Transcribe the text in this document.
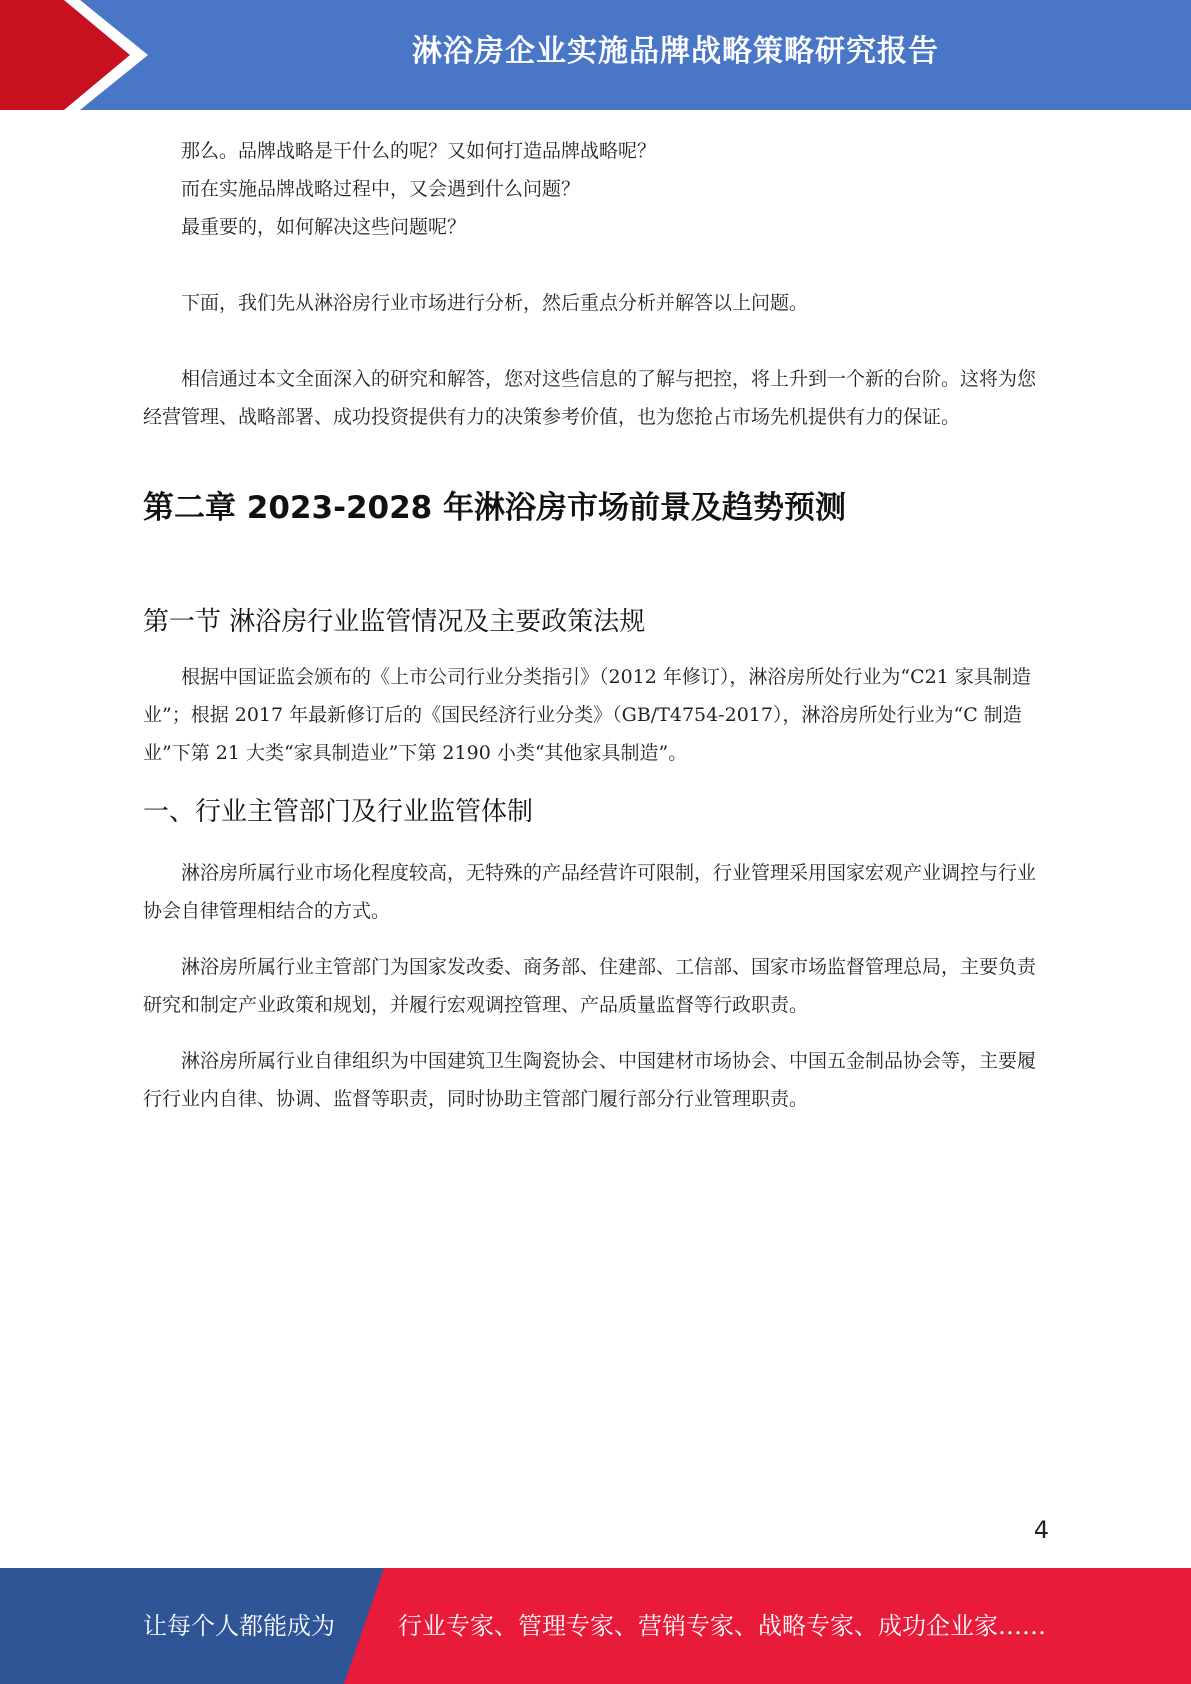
淋浴房企业实施品牌战略策略研究报告

那么。品牌战略是干什么的呢？又如何打造品牌战略呢？

而在实施品牌战略过程中，又会遇到什么问题？

最重要的，如何解决这些问题呢？

下面，我们先从淋浴房行业市场进行分析，然后重点分析并解答以上问题。

相信通过本文全面深入的研究和解答，您对这些信息的了解与把控，将上升到一个新的台阶。这将为您经营管理、战略部署、成功投资提供有力的决策参考价值，也为您抢占市场先机提供有力的保证。

第二章 2023-2028 年淋浴房市场前景及趋势预测
第一节 淋浴房行业监管情况及主要政策法规

根据中国证监会颁布的《上市公司行业分类指引》（2012 年修订），淋浴房所处行业为“C21 家具制造业”；根据 2017 年最新修订后的《国民经济行业分类》（GB/T4754-2017），淋浴房所处行业为“C 制造业”下第 21 大类“家具制造业”下第 2190 小类“其他家具制造”。

一、行业主管部门及行业监管体制

淋浴房所属行业市场化程度较高，无特殊的产品经营许可限制，行业管理采用国家宏观产业调控与行业协会自律管理相结合的方式。

淋浴房所属行业主管部门为国家发改委、商务部、住建部、工信部、国家市场监督管理总局，主要负责研究和制定产业政策和规划，并履行宏观调控管理、产品质量监督等行政职责。

淋浴房所属行业自律组织为中国建筑卫生陶瓷协会、中国建材市场协会、中国五金制品协会等，主要履行行业内自律、协调、监督等职责，同时协助主管部门履行部分行业管理职责。

4
让每个人都能成为	行业专家、管理专家、营销专家、战略专家、成功企业家……
